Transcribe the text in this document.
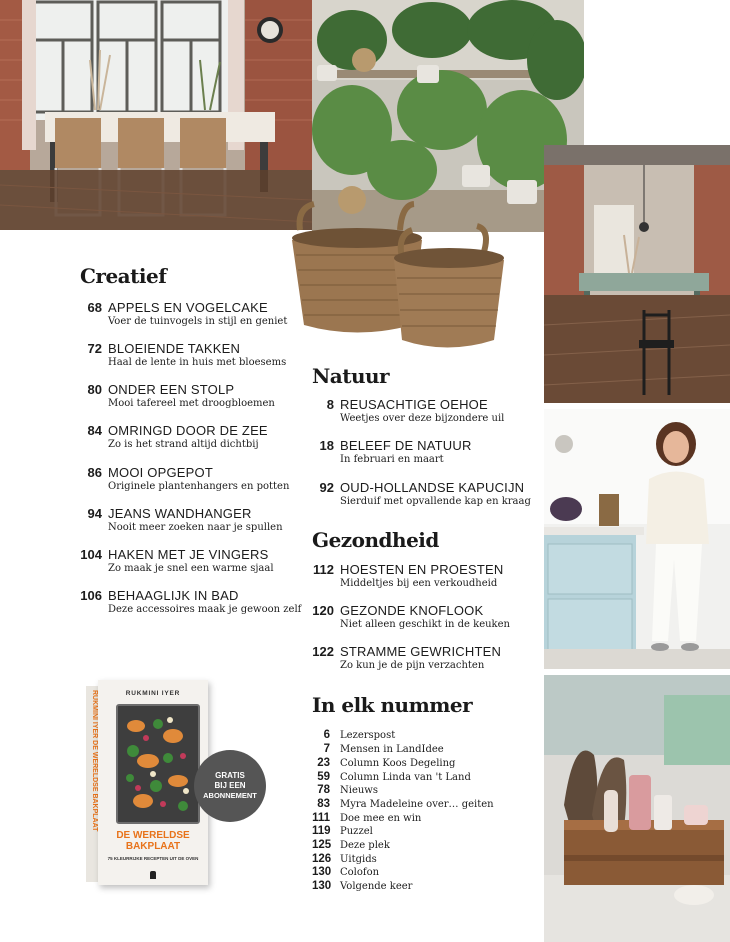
Creatief
68 APPELS EN VOGELCAKE
Voer de tuinvogels in stijl en geniet
72 BLOEIENDE TAKKEN
Haal de lente in huis met bloesems
80 ONDER EEN STOLP
Mooi tafereel met droogbloemen
84 OMRINGD DOOR DE ZEE
Zo is het strand altijd dichtbij
86 MOOI OPGEPOT
Originele plantenhangers en potten
94 JEANS WANDHANGER
Nooit meer zoeken naar je spullen
104 HAKEN MET JE VINGERS
Zo maak je snel een warme sjaal
106 BEHAAGLIJK IN BAD
Deze accessoires maak je gewoon zelf
Natuur
8 REUSACHTIGE OEHOE
Weetjes over deze bijzondere uil
18 BELEEF DE NATUUR
In februari en maart
92 OUD-HOLLANDSE KAPUCIJN
Sierduif met opvallende kap en kraag
Gezondheid
112 HOESTEN EN PROESTEN
Middeltjes bij een verkoudheid
120 GEZONDE KNOFLOOK
Niet alleen geschikt in de keuken
122 STRAMME GEWRICHTEN
Zo kun je de pijn verzachten
In elk nummer
6 Lezerspost
7 Mensen in LandIdee
23 Column Koos Degeling
59 Column Linda van 't Land
78 Nieuws
83 Myra Madeleine over… geiten
111 Doe mee en win
119 Puzzel
125 Deze plek
126 Uitgids
130 Colofon
130 Volgende keer
RUKMINI IYER DE WERELDSE BAKPLAAT	RUKMINI IYER
DE WERELDSE
BAKPLAAT
75 KLEURRIJKE RECEPTEN UIT DE OVEN
GRATIS
BIJ EEN
ABONNEMENT
